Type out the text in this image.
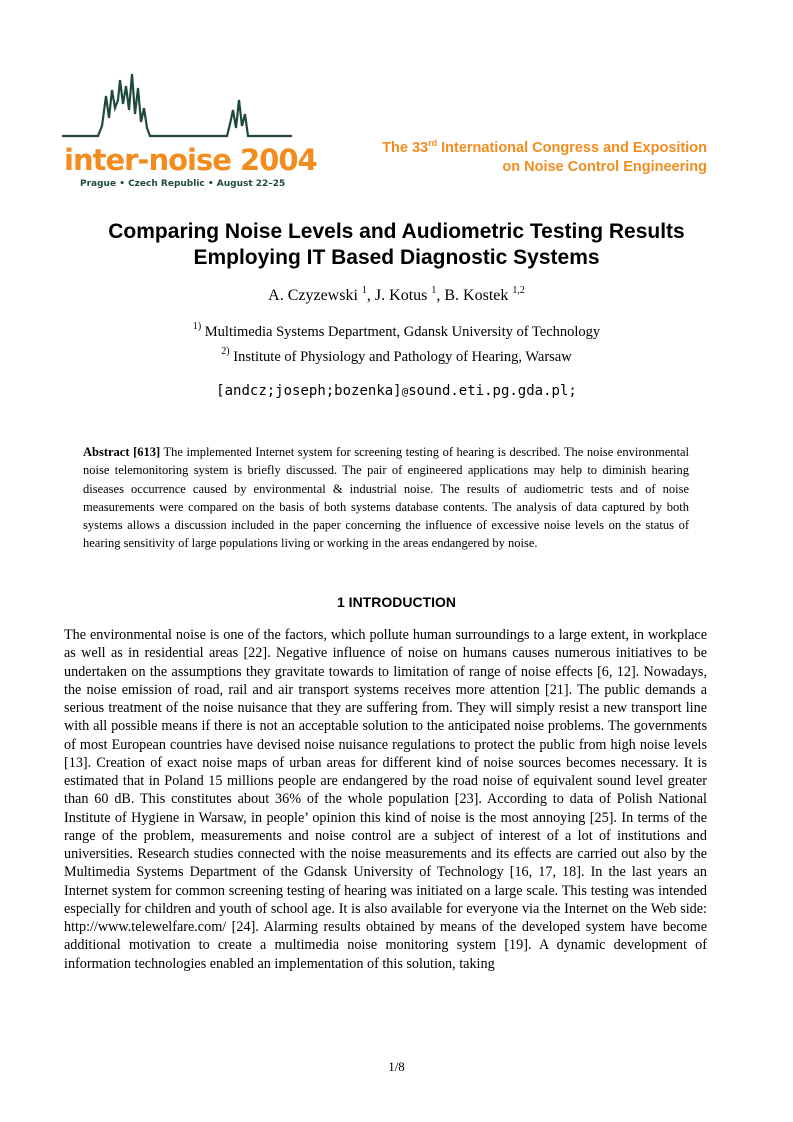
inter-noise 2004
Prague • Czech Republic • August 22–25
The 33rd International Congress and Exposition
on Noise Control Engineering
Comparing Noise Levels and Audiometric Testing Results
Employing IT Based Diagnostic Systems
A. Czyzewski $^1$, J. Kotus $^1$, B. Kostek $^{1,2}$
$^{1)}$ Multimedia Systems Department, Gdansk University of Technology
$^{2)}$ Institute of Physiology and Pathology of Hearing, Warsaw
[andcz;joseph;bozenka]@sound.eti.pg.gda.pl;
Abstract [613] The implemented Internet system for screening testing of hearing is described. The noise environmental noise telemonitoring system is briefly discussed. The pair of engineered applications may help to diminish hearing diseases occurrence caused by environmental & industrial noise. The results of audiometric tests and of noise measurements were compared on the basis of both systems database contents. The analysis of data captured by both systems allows a discussion included in the paper concerning the influence of excessive noise levels on the status of hearing sensitivity of large populations living or working in the areas endangered by noise.
1 INTRODUCTION
The environmental noise is one of the factors, which pollute human surroundings to a large extent, in workplace as well as in residential areas [22]. Negative influence of noise on humans causes numerous initiatives to be undertaken on the assumptions they gravitate towards to limitation of range of noise effects [6, 12]. Nowadays, the noise emission of road, rail and air transport systems receives more attention [21]. The public demands a serious treatment of the noise nuisance that they are suffering from. They will simply resist a new transport line with all possible means if there is not an acceptable solution to the anticipated noise problems. The governments of most European countries have devised noise nuisance regulations to protect the public from high noise levels [13]. Creation of exact noise maps of urban areas for different kind of noise sources becomes necessary. It is estimated that in Poland 15 millions people are endangered by the road noise of equivalent sound level greater than 60 dB. This constitutes about 36% of the whole population [23]. According to data of Polish National Institute of Hygiene in Warsaw, in people’ opinion this kind of noise is the most annoying [25]. In terms of the range of the problem, measurements and noise control are a subject of interest of a lot of institutions and universities. Research studies connected with the noise measurements and its effects are carried out also by the Multimedia Systems Department of the Gdansk University of Technology [16, 17, 18]. In the last years an Internet system for common screening testing of hearing was initiated on a large scale. This testing was intended especially for children and youth of school age. It is also available for everyone via the Internet on the Web side: http://www.telewelfare.com/ [24]. Alarming results obtained by means of the developed system have become additional motivation to create a multimedia noise monitoring system [19]. A dynamic development of information technologies enabled an implementation of this solution, taking
1/8
